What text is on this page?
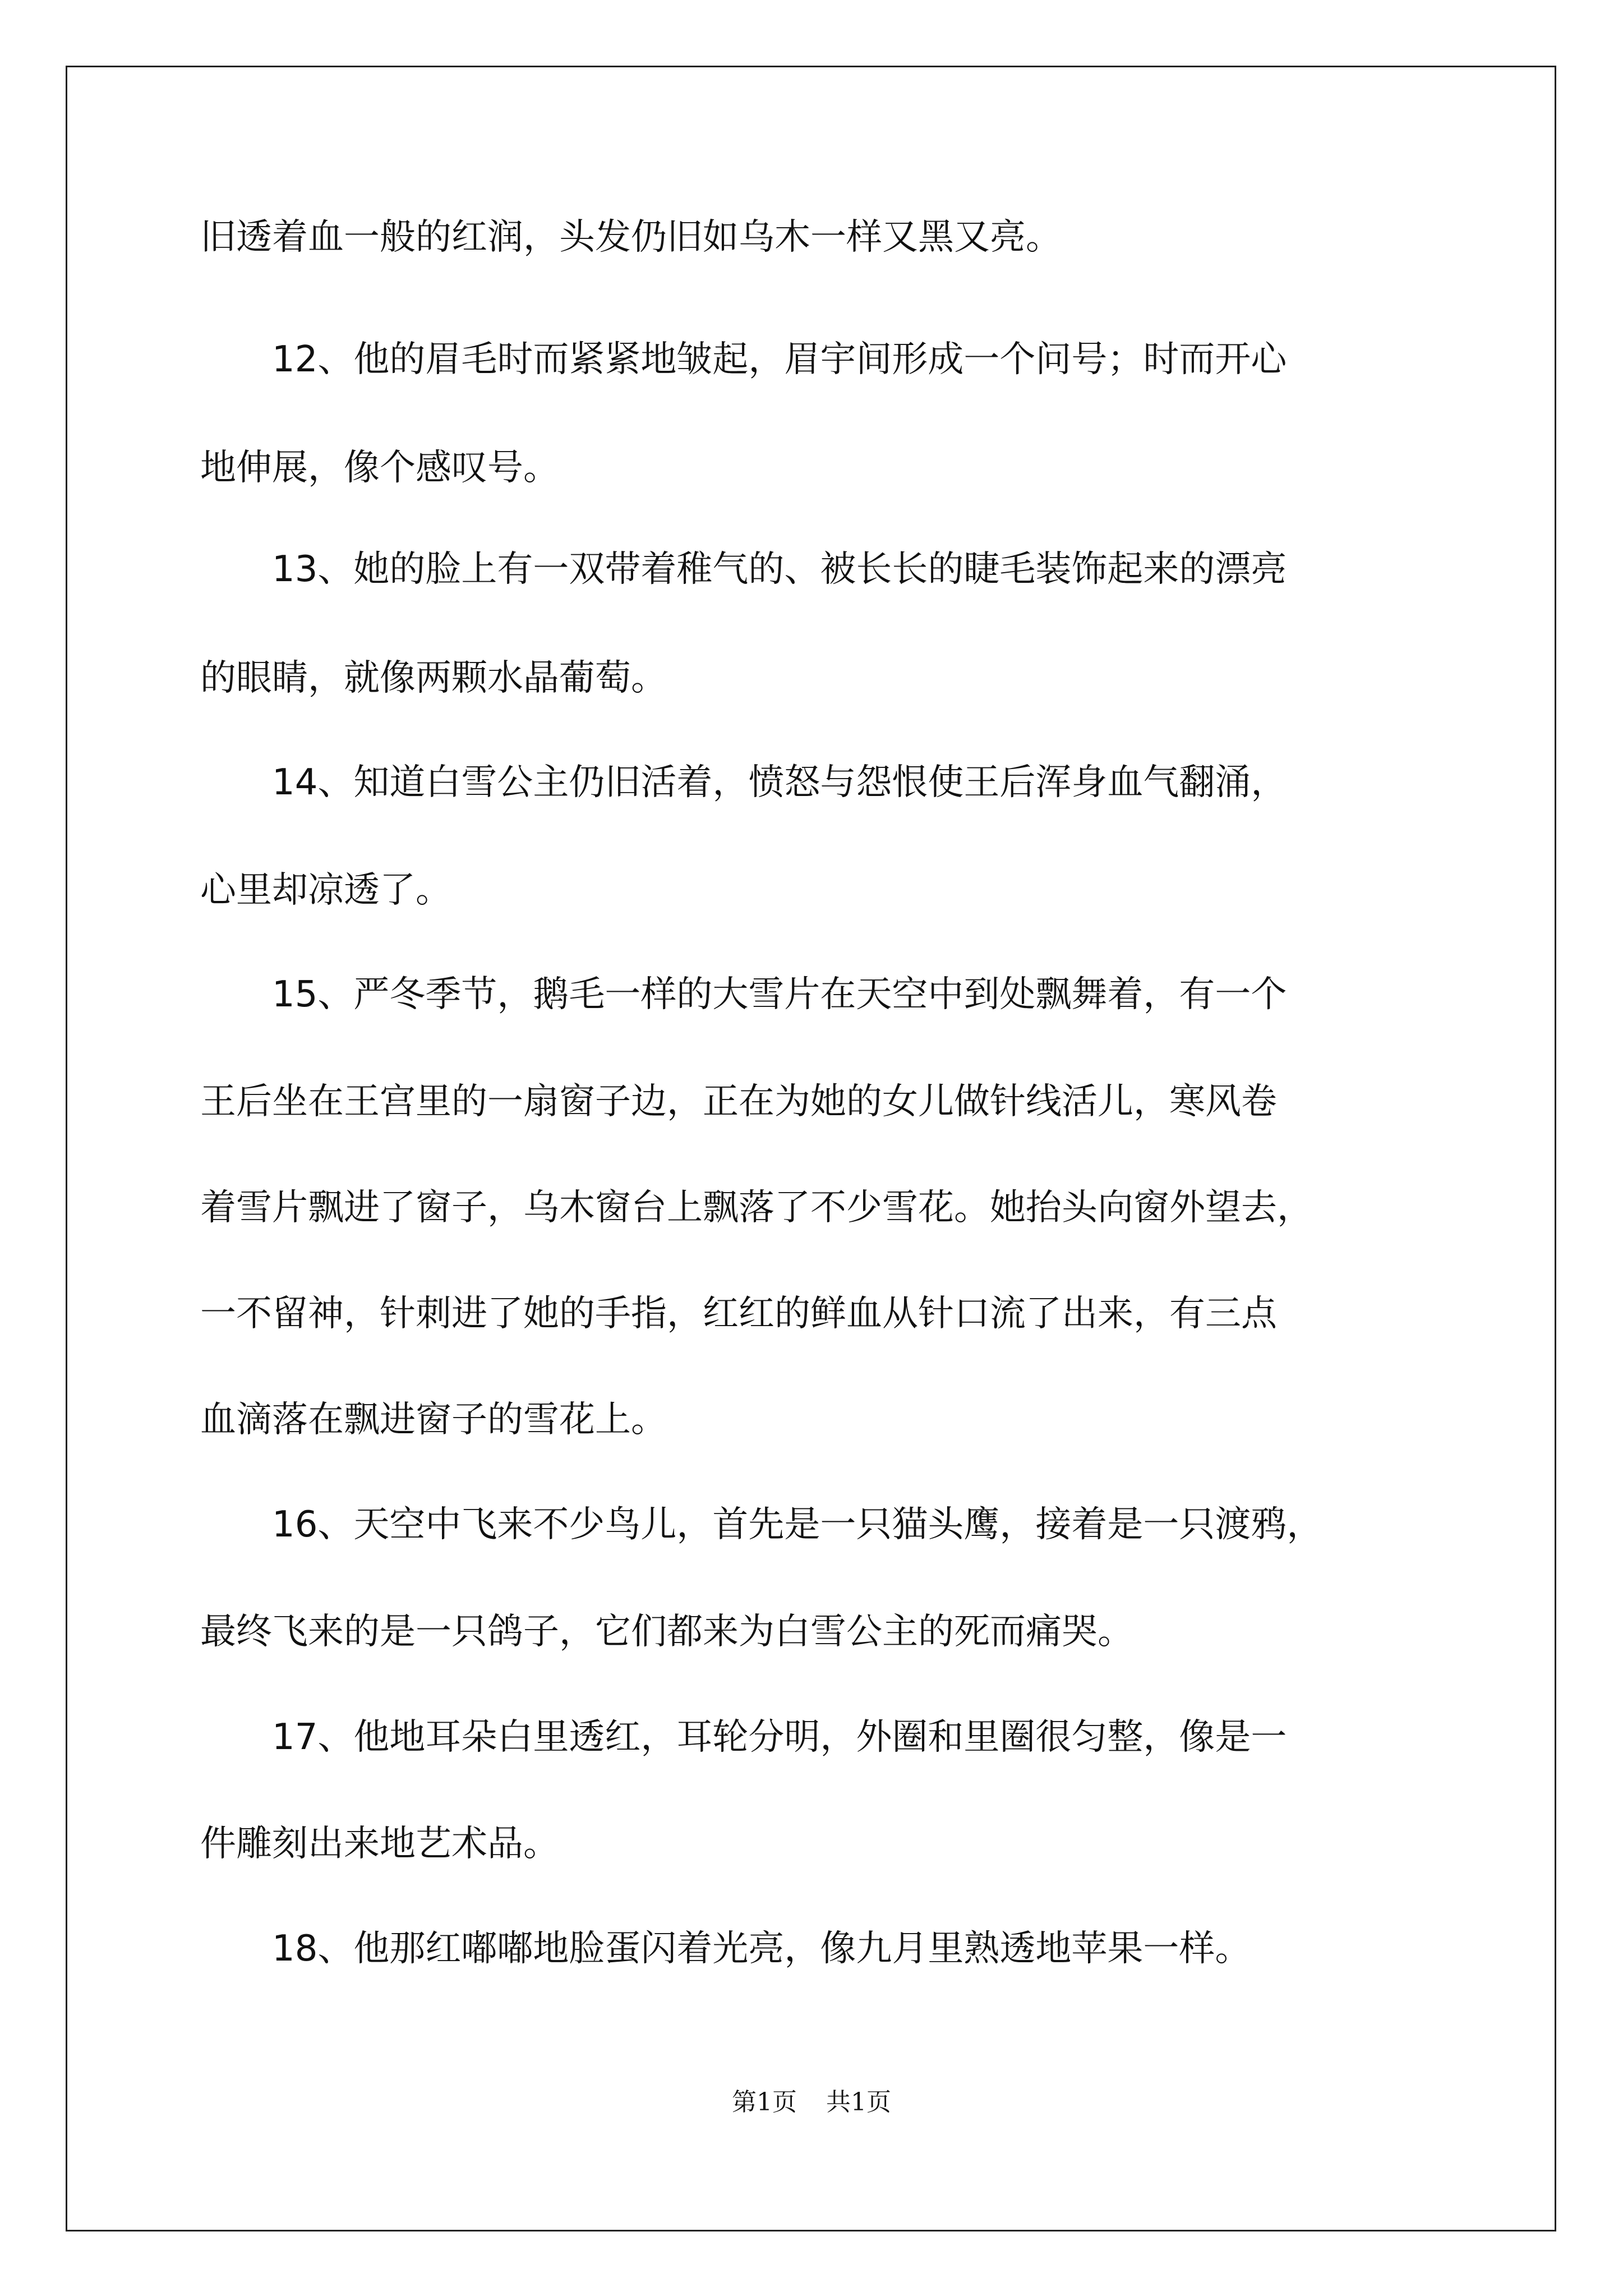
旧透着血一般的红润，头发仍旧如乌木一样又黑又亮。

　　12、他的眉毛时而紧紧地皱起，眉宇间形成一个问号；时而开心

地伸展，像个感叹号。

　　13、她的脸上有一双带着稚气的、被长长的睫毛装饰起来的漂亮

的眼睛，就像两颗水晶葡萄。

　　14、知道白雪公主仍旧活着，愤怒与怨恨使王后浑身血气翻涌，

心里却凉透了。

　　15、严冬季节，鹅毛一样的大雪片在天空中到处飘舞着，有一个

王后坐在王宫里的一扇窗子边，正在为她的女儿做针线活儿，寒风卷

着雪片飘进了窗子，乌木窗台上飘落了不少雪花。她抬头向窗外望去，

一不留神，针刺进了她的手指，红红的鲜血从针口流了出来，有三点

血滴落在飘进窗子的雪花上。

　　16、天空中飞来不少鸟儿，首先是一只猫头鹰，接着是一只渡鸦，

最终飞来的是一只鸽子，它们都来为白雪公主的死而痛哭。

　　17、他地耳朵白里透红，耳轮分明，外圈和里圈很匀整，像是一

件雕刻出来地艺术品。

　　18、他那红嘟嘟地脸蛋闪着光亮，像九月里熟透地苹果一样。

第1页 共1页
